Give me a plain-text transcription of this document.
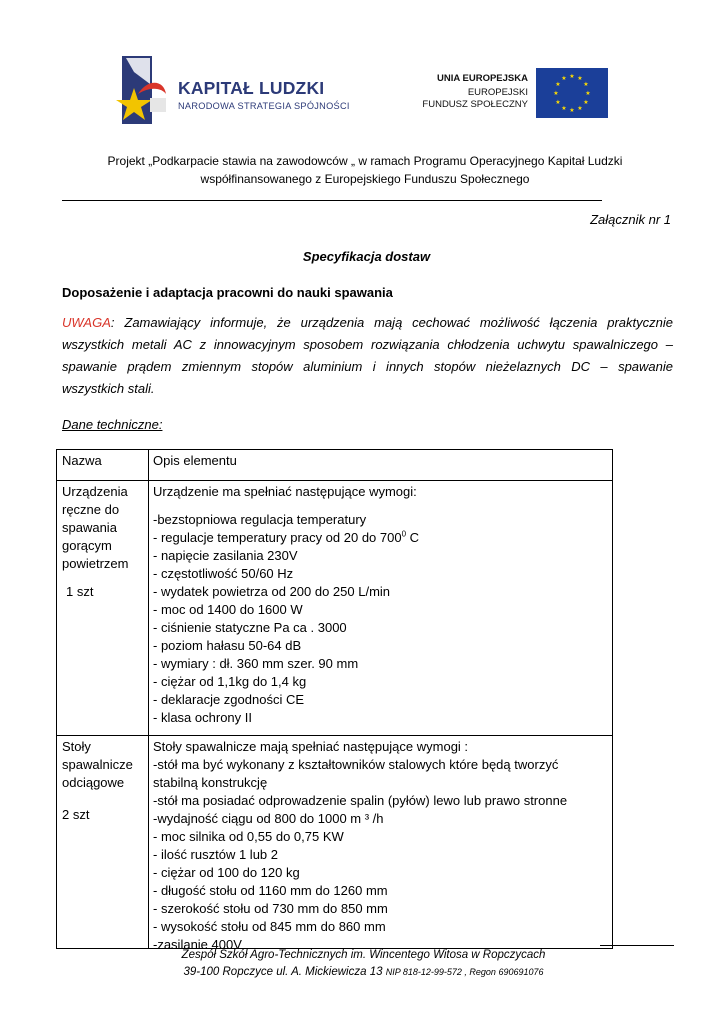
KAPITAŁ LUDZKI
NARODOWA STRATEGIA SPÓJNOŚCI
UNIA EUROPEJSKA
EUROPEJSKI
FUNDUSZ SPOŁECZNY
★ ★
★
★
★
★
★
★
★
★
★
★
Projekt „Podkarpacie stawia na zawodowców „ w ramach Programu Operacyjnego Kapitał Ludzki
współfinansowanego z Europejskiego Funduszu Społecznego
Załącznik nr 1
Specyfikacja dostaw
Doposażenie i adaptacja pracowni do nauki spawania

UWAGA: Zamawiający informuje, że urządzenia mają cechować możliwość łączenia praktycznie

wszystkich metali AC z innowacyjnym sposobem rozwiązania chłodzenia uchwytu spawalniczego –

spawanie prądem zmiennym stopów aluminium i innych stopów nieżelaznych DC – spawanie

wszystkich stali.

Dane techniczne:
Nazwa	Opis elementu
Urządzenia
ręczne do
spawania
gorącym
powietrzem
1 szt
Urządzenie ma spełniać następujące wymogi:
-bezstopniowa regulacja temperatury
- regulacje temperatury pracy od 20 do $700^0$ C
- napięcie zasilania 230V
- częstotliwość 50/60 Hz
- wydatek powietrza od 200 do 250 L/min
- moc od 1400 do 1600 W
- ciśnienie statyczne Pa ca . 3000
- poziom hałasu 50-64 dB
- wymiary : dł. 360 mm szer. 90 mm
- ciężar od 1,1kg do 1,4 kg
- deklaracje zgodności CE
- klasa ochrony II
Stoły
spawalnicze
odciągowe
2 szt
Stoły spawalnicze mają spełniać następujące wymogi :
-stół ma być wykonany z kształtowników stalowych które będą tworzyć
stabilną konstrukcję
-stół ma posiadać odprowadzenie spalin (pyłów) lewo lub prawo stronne
-wydajność ciągu od 800 do 1000 m ³ /h
- moc silnika od 0,55 do 0,75 KW
- ilość rusztów 1 lub 2
- ciężar od 100 do 120 kg
- długość stołu od 1160 mm do 1260 mm
- szerokość stołu od 730 mm do 850 mm
- wysokość stołu od 845 mm do 860 mm
-zasilanie 400V
Zespół Szkół Agro-Technicznych im. Wincentego Witosa w Ropczycach
39-100 Ropczyce ul. A. Mickiewicza 13 NIP 818-12-99-572 , Regon 690691076
